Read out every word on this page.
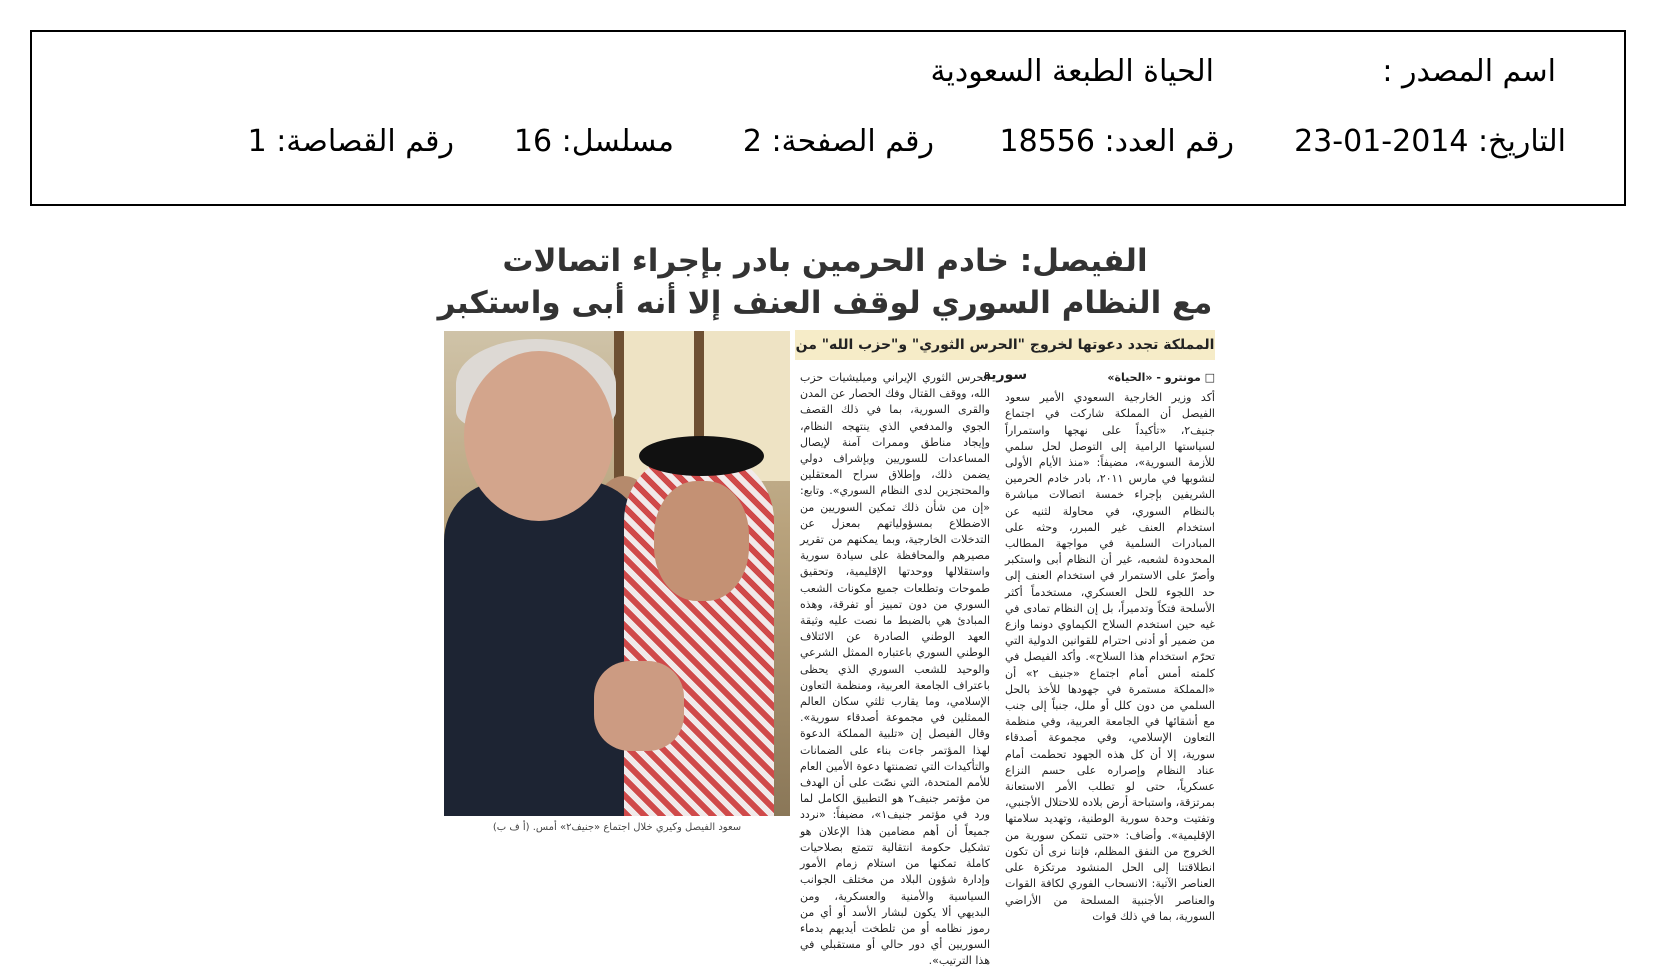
اسم المصدر :
الحياة الطبعة السعودية
التاريخ: 2014-01-23
رقم العدد: 18556
رقم الصفحة: 2
مسلسل: 16
رقم القصاصة: 1
الفيصل: خادم الحرمين بادر بإجراء اتصالات
مع النظام السوري لوقف العنف إلا أنه أبى واستكبر
المملكة تجدد دعوتها لخروج "الحرس الثوري" و"حزب الله" من سورية
سعود الفيصل وكيري خلال اجتماع «جنيف٢» أمس. (أ ف ب)
□ مونترو - «الحياة»
أكد وزير الخارجية السعودي الأمير سعود الفيصل أن المملكة شاركت في اجتماع جنيف٢، «تأكيداً على نهجها واستمراراً لسياستها الرامية إلى التوصل لحل سلمي للأزمة السورية»، مضيفاً: «منذ الأيام الأولى لنشوبها في مارس ٢٠١١، بادر خادم الحرمين الشريفين بإجراء خمسة اتصالات مباشرة بالنظام السوري، في محاولة لثنيه عن استخدام العنف غير المبرر، وحثه على المبادرات السلمية في مواجهة المطالب المحدودة لشعبه، غير أن النظام أبى واستكبر وأصرّ على الاستمرار في استخدام العنف إلى حد اللجوء للحل العسكري، مستخدماً أكثر الأسلحة فتكاً وتدميراً، بل إن النظام تمادى في غيه حين استخدم السلاح الكيماوي دونما وازع من ضمير أو أدنى احترام للقوانين الدولية التي تحرّم استخدام هذا السلاح». وأكد الفيصل في كلمته أمس أمام اجتماع «جنيف ٢» أن «المملكة مستمرة في جهودها للأخذ بالحل السلمي من دون كلل أو ملل، جنباً إلى جنب مع أشقائها في الجامعة العربية، وفي منظمة التعاون الإسلامي، وفي مجموعة أصدقاء سورية، إلا أن كل هذه الجهود تحطمت أمام عناد النظام وإصراره على حسم النزاع عسكرياً، حتى لو تطلب الأمر الاستعانة بمرتزقة، واستباحة أرض بلاده للاحتلال الأجنبي، وتفتيت وحدة سورية الوطنية، وتهديد سلامتها الإقليمية». وأضاف: «حتى تتمكن سورية من الخروج من النفق المظلم، فإننا نرى أن تكون انطلاقتنا إلى الحل المنشود مرتكزة على العناصر الآتية: الانسحاب الفوري لكافة القوات والعناصر الأجنبية المسلحة من الأراضي السورية، بما في ذلك قوات
الحرس الثوري الإيراني وميليشيات حزب الله، ووقف القتال وفك الحصار عن المدن والقرى السورية، بما في ذلك القصف الجوي والمدفعي الذي ينتهجه النظام، وإيجاد مناطق وممرات آمنة لإيصال المساعدات للسوريين وبإشراف دولي يضمن ذلك، وإطلاق سراح المعتقلين والمحتجزين لدى النظام السوري». وتابع: «إن من شأن ذلك تمكين السوريين من الاضطلاع بمسؤولياتهم بمعزل عن التدخلات الخارجية، وبما يمكنهم من تقرير مصيرهم والمحافظة على سيادة سورية واستقلالها ووحدتها الإقليمية، وتحقيق طموحات وتطلعات جميع مكونات الشعب السوري من دون تمييز أو تفرقة، وهذه المبادئ هي بالضبط ما نصت عليه وثيقة العهد الوطني الصادرة عن الائتلاف الوطني السوري باعتباره الممثل الشرعي والوحيد للشعب السوري الذي يحظى باعتراف الجامعة العربية، ومنظمة التعاون الإسلامي، وما يقارب ثلثي سكان العالم الممثلين في مجموعة أصدقاء سورية». وقال الفيصل إن «تلبية المملكة الدعوة لهذا المؤتمر جاءت بناء على الضمانات والتأكيدات التي تضمنتها دعوة الأمين العام للأمم المتحدة، التي نصّت على أن الهدف من مؤتمر جنيف٢ هو التطبيق الكامل لما ورد في مؤتمر جنيف١»، مضيفاً: «نردد جميعاً أن أهم مضامين هذا الإعلان هو تشكيل حكومة انتقالية تتمتع بصلاحيات كاملة تمكنها من استلام زمام الأمور وإدارة شؤون البلاد من مختلف الجوانب السياسية والأمنية والعسكرية، ومن البديهي ألا يكون لبشار الأسد أو أي من رموز نظامه أو من تلطخت أيديهم بدماء السوريين أي دور حالي أو مستقبلي في هذا الترتيب».
